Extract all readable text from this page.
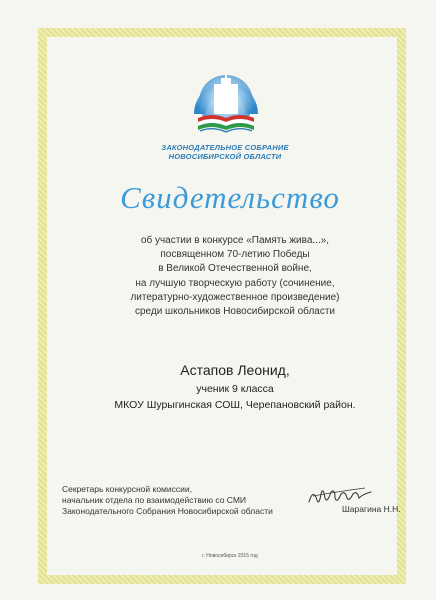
ЗАКОНОДАТЕЛЬНОЕ СОБРАНИЕ
НОВОСИБИРСКОЙ ОБЛАСТИ
Свидетельство
об участии в конкурсе «Память жива...»,
посвященном 70-летию Победы
в Великой Отечественной войне,
на лучшую творческую работу (сочинение,
литературно-художественное произведение)
среди школьников Новосибирской области
Астапов Леонид,
ученик 9 класса
МКОУ Шурыгинская СОШ, Черепановский район.
Секретарь конкурсной комиссии,
начальник отдела по взаимодействию со СМИ
Законодательного Собрания Новосибирской области	Шарагина Н.Н.
г. Новосибирск 2015 год
